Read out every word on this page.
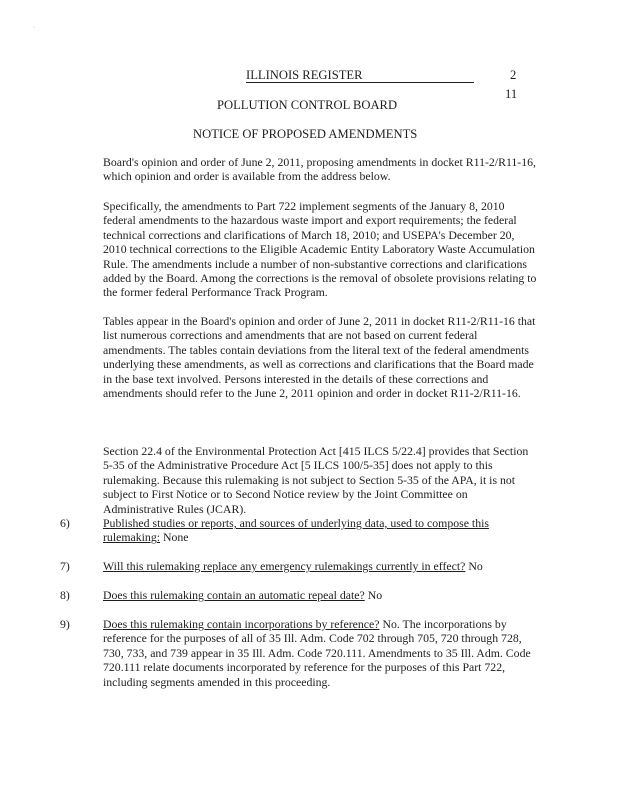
·
ILLINOIS REGISTER	2
11
POLLUTION CONTROL BOARD
NOTICE OF PROPOSED AMENDMENTS

Board's opinion and order of June 2, 2011, proposing amendments in docket R11-2/R11-16, which opinion and order is available from the address below.

Specifically, the amendments to Part 722 implement segments of the January 8, 2010 federal amendments to the hazardous waste import and export requirements; the federal technical corrections and clarifications of March 18, 2010; and USEPA's December 20, 2010 technical corrections to the Eligible Academic Entity Laboratory Waste Accumulation Rule. The amendments include a number of non-substantive corrections and clarifications added by the Board. Among the corrections is the removal of obsolete provisions relating to the former federal Performance Track Program.

Tables appear in the Board's opinion and order of June 2, 2011 in docket R11-2/R11-16 that list numerous corrections and amendments that are not based on current federal amendments. The tables contain deviations from the literal text of the federal amendments underlying these amendments, as well as corrections and clarifications that the Board made in the base text involved. Persons interested in the details of these corrections and amendments should refer to the June 2, 2011 opinion and order in docket R11-2/R11-16.

Section 22.4 of the Environmental Protection Act [415 ILCS 5/22.4] provides that Section 5-35 of the Administrative Procedure Act [5 ILCS 100/5-35] does not apply to this rulemaking. Because this rulemaking is not subject to Section 5-35 of the APA, it is not subject to First Notice or to Second Notice review by the Joint Committee on Administrative Rules (JCAR).

6)	Published studies or reports, and sources of underlying data, used to compose this rulemaking: None
7)	Will this rulemaking replace any emergency rulemakings currently in effect? No
8)	Does this rulemaking contain an automatic repeal date? No
9)	Does this rulemaking contain incorporations by reference? No. The incorporations by reference for the purposes of all of 35 Ill. Adm. Code 702 through 705, 720 through 728, 730, 733, and 739 appear in 35 Ill. Adm. Code 720.111. Amendments to 35 Ill. Adm. Code 720.111 relate documents incorporated by reference for the purposes of this Part 722, including segments amended in this proceeding.
